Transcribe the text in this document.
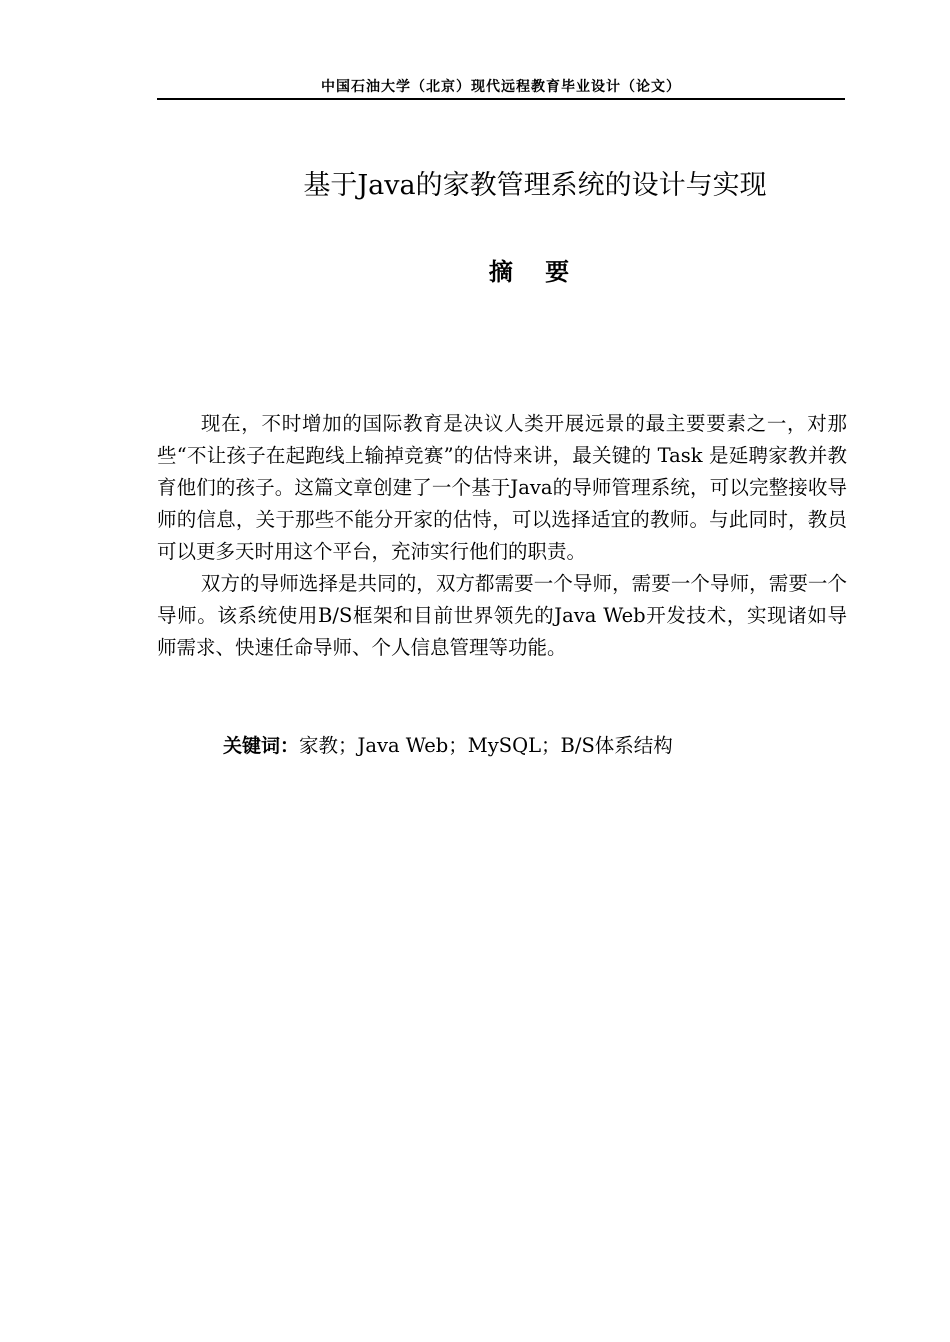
中国石油大学（北京）现代远程教育毕业设计（论文）
基于Java的家教管理系统的设计与实现
摘 要

现在，不时增加的国际教育是决议人类开展远景的最主要要素之一，对那些“不让孩子在起跑线上输掉竞赛”的估恃来讲，最关键的 Task 是延聘家教并教育他们的孩子。这篇文章创建了一个基于Java的导师管理系统，可以完整接收导师的信息，关于那些不能分开家的估恃，可以选择适宜的教师。与此同时，教员可以更多天时用这个平台，充沛实行他们的职责。

双方的导师选择是共同的，双方都需要一个导师，需要一个导师，需要一个导师。该系统使用B/S框架和目前世界领先的Java Web开发技术，实现诸如导师需求、快速任命导师、个人信息管理等功能。

关键词：家教；Java Web；MySQL；B/S体系结构
